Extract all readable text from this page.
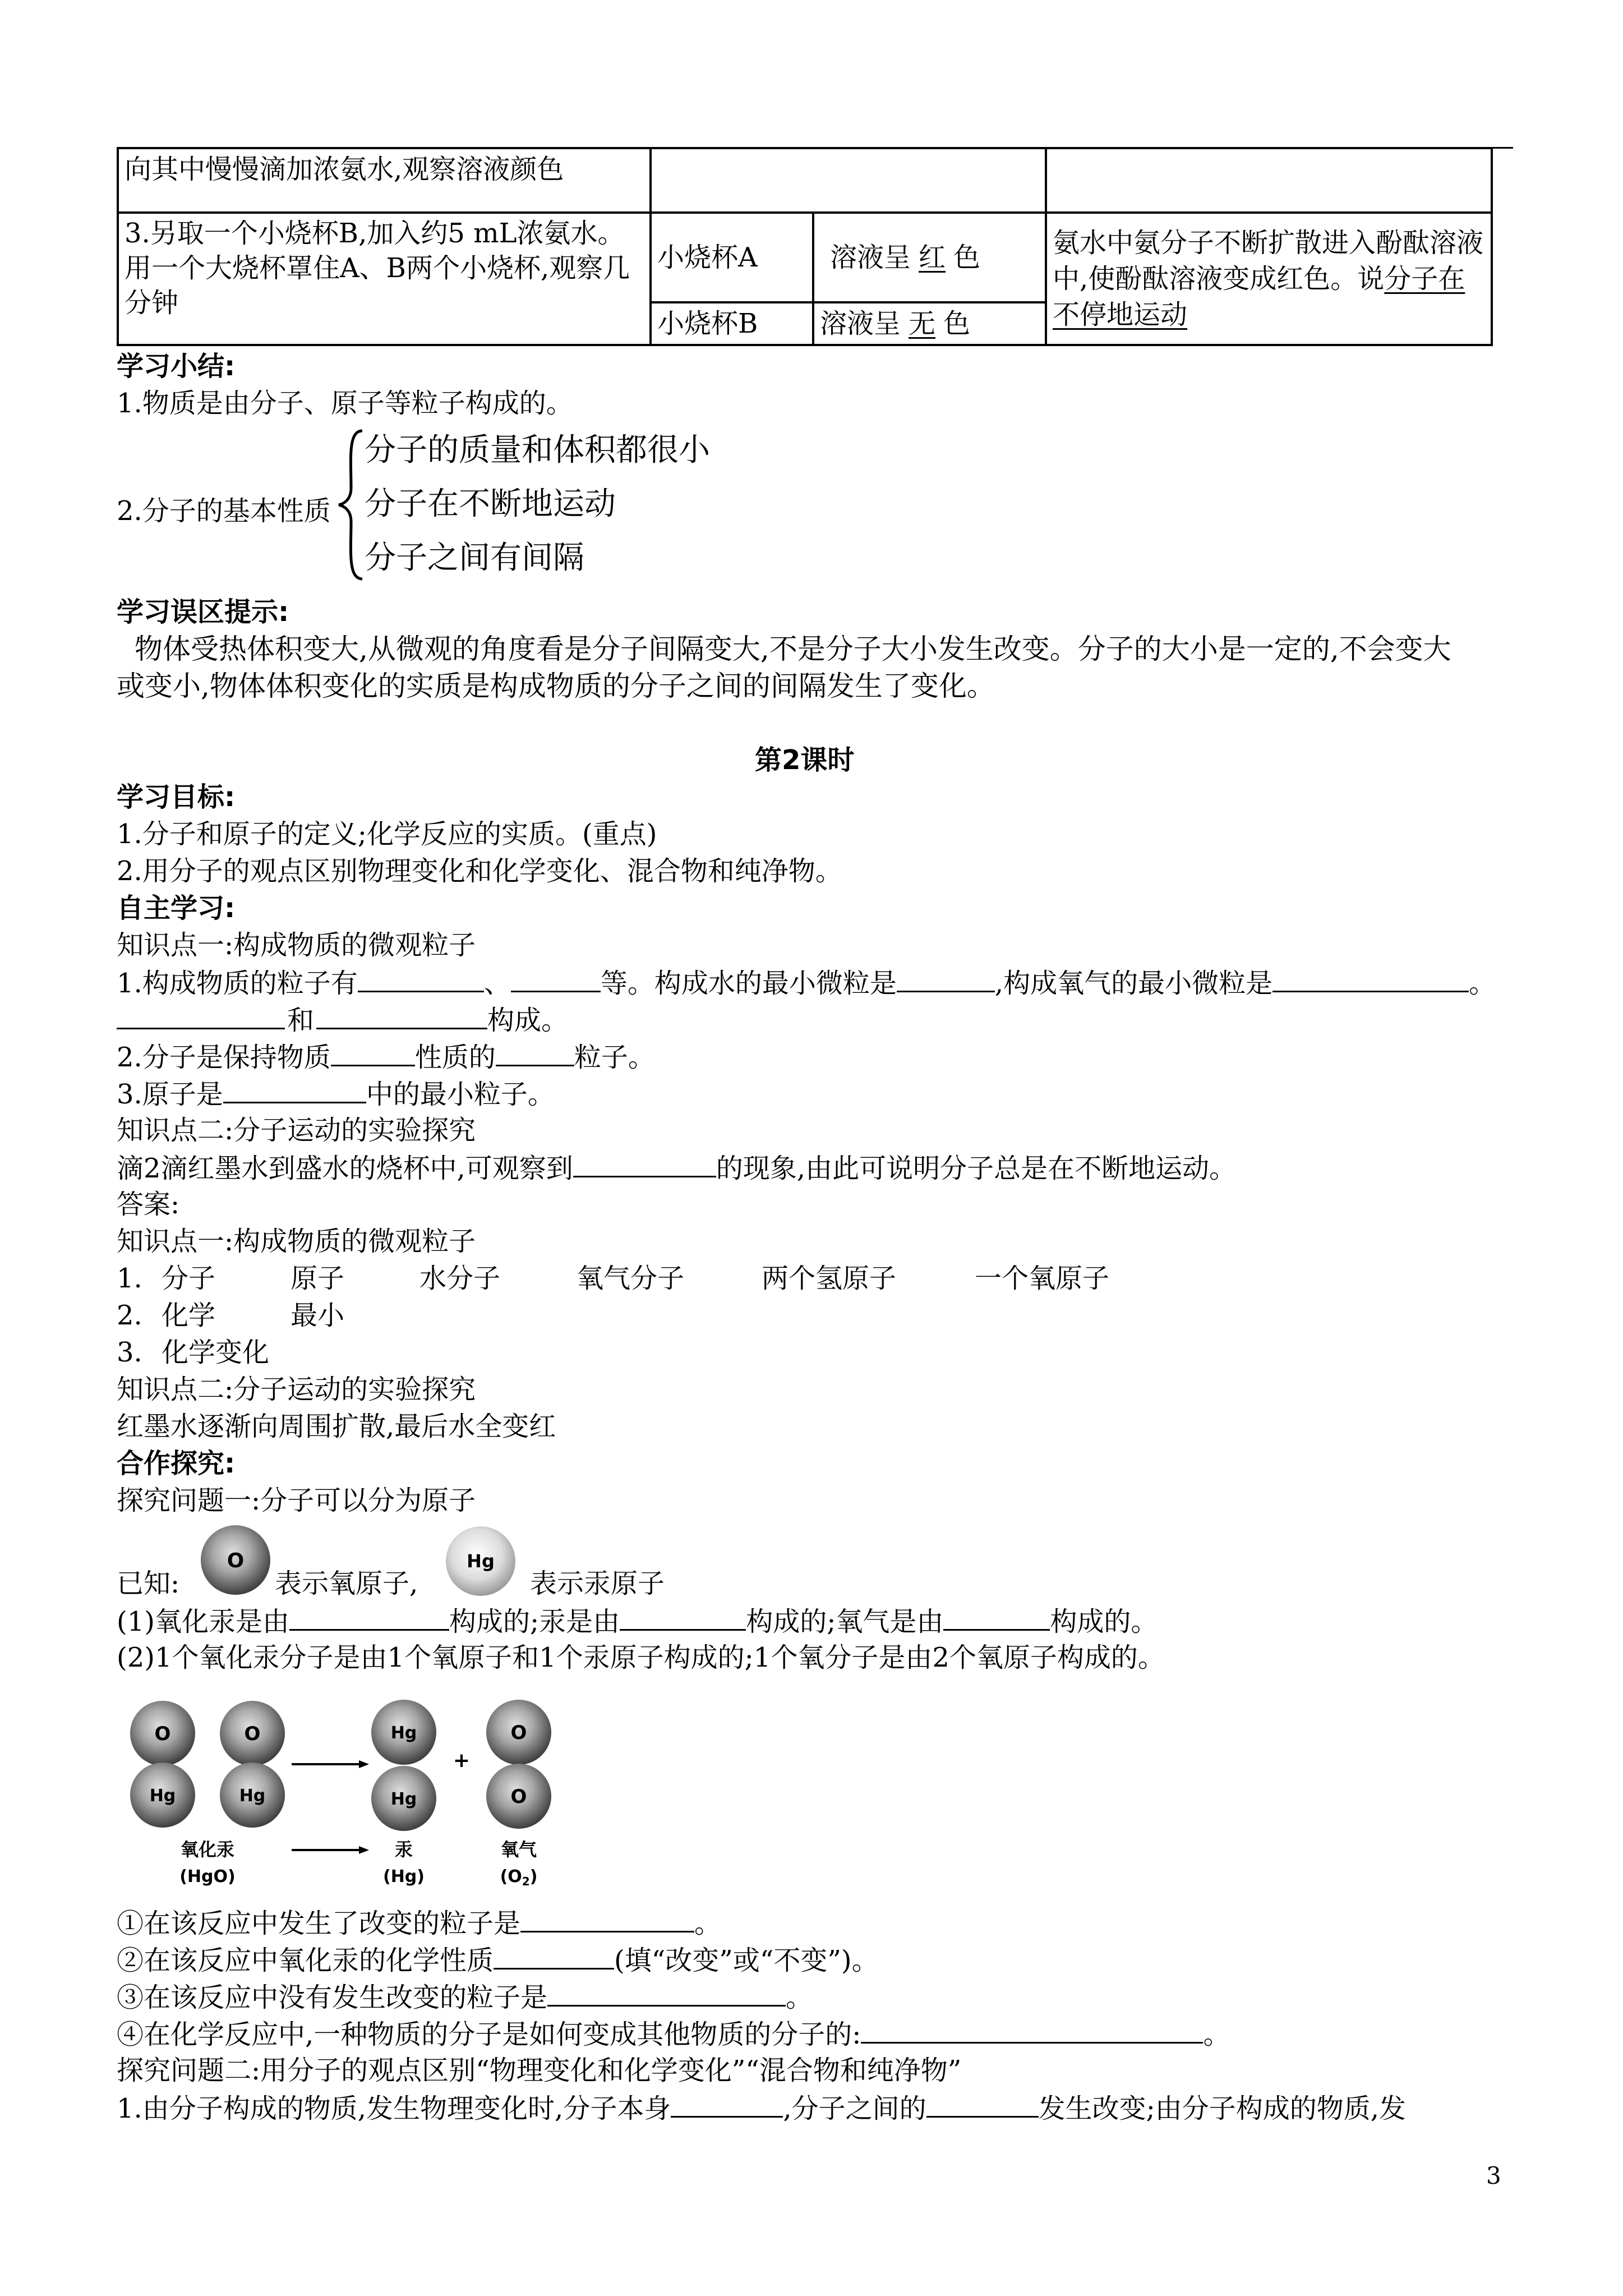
向其中慢慢滴加浓氨水,观察溶液颜色			
3.另取一个小烧杯B,加入约5 mL浓氨水。用一个大烧杯罩住A、B两个小烧杯,观察几分钟	小烧杯A	溶液呈 红 色	氨水中氨分子不断扩散进入酚酞溶液中,使酚酞溶液变成红色。说分子在不停地运动
	小烧杯B	溶液呈 无 色	
学习小结:
1.物质是由分子、原子等粒子构成的。
2.分子的基本性质
分子的质量和体积都很小
分子在不断地运动
分子之间有间隔
学习误区提示:
物体受热体积变大,从微观的角度看是分子间隔变大,不是分子大小发生改变。分子的大小是一定的,不会变大
或变小,物体体积变化的实质是构成物质的分子之间的间隔发生了变化。
第2课时
学习目标:
1.分子和原子的定义;化学反应的实质。(重点)
2.用分子的观点区别物理变化和化学变化、混合物和纯净物。
自主学习:
知识点一:构成物质的微观粒子
1.构成物质的粒子有	、	等。构成水的最小微粒是	,构成氧气的最小微粒是	。
和	构成。
2.分子是保持物质	性质的	粒子。
3.原子是	中的最小粒子。
知识点二:分子运动的实验探究
滴2滴红墨水到盛水的烧杯中,可观察到	的现象,由此可说明分子总是在不断地运动。
答案:
知识点一:构成物质的微观粒子
1. 分子	原子	水分子	氧气分子	两个氢原子	一个氧原子
2. 化学	最小
3. 化学变化
知识点二:分子运动的实验探究
红墨水逐渐向周围扩散,最后水全变红
合作探究:
探究问题一:分子可以分为原子
已知:
O
表示氧原子,
Hg
表示汞原子
(1)氧化汞是由	构成的;汞是由	构成的;氧气是由	构成的。
(2)1个氧化汞分子是由1个氧原子和1个汞原子构成的;1个氧分子是由2个氧原子构成的。
O
Hg
O
Hg
Hg
Hg
+
O
O
氧化汞
(HgO)
汞
(Hg)
氧气
$(O_2)$
①在该反应中发生了改变的粒子是	。
②在该反应中氧化汞的化学性质	(填“改变”或“不变”)。
③在该反应中没有发生改变的粒子是	。
④在化学反应中,一种物质的分子是如何变成其他物质的分子的:	。
探究问题二:用分子的观点区别“物理变化和化学变化”“混合物和纯净物”
1.由分子构成的物质,发生物理变化时,分子本身	,分子之间的	发生改变;由分子构成的物质,发
3
